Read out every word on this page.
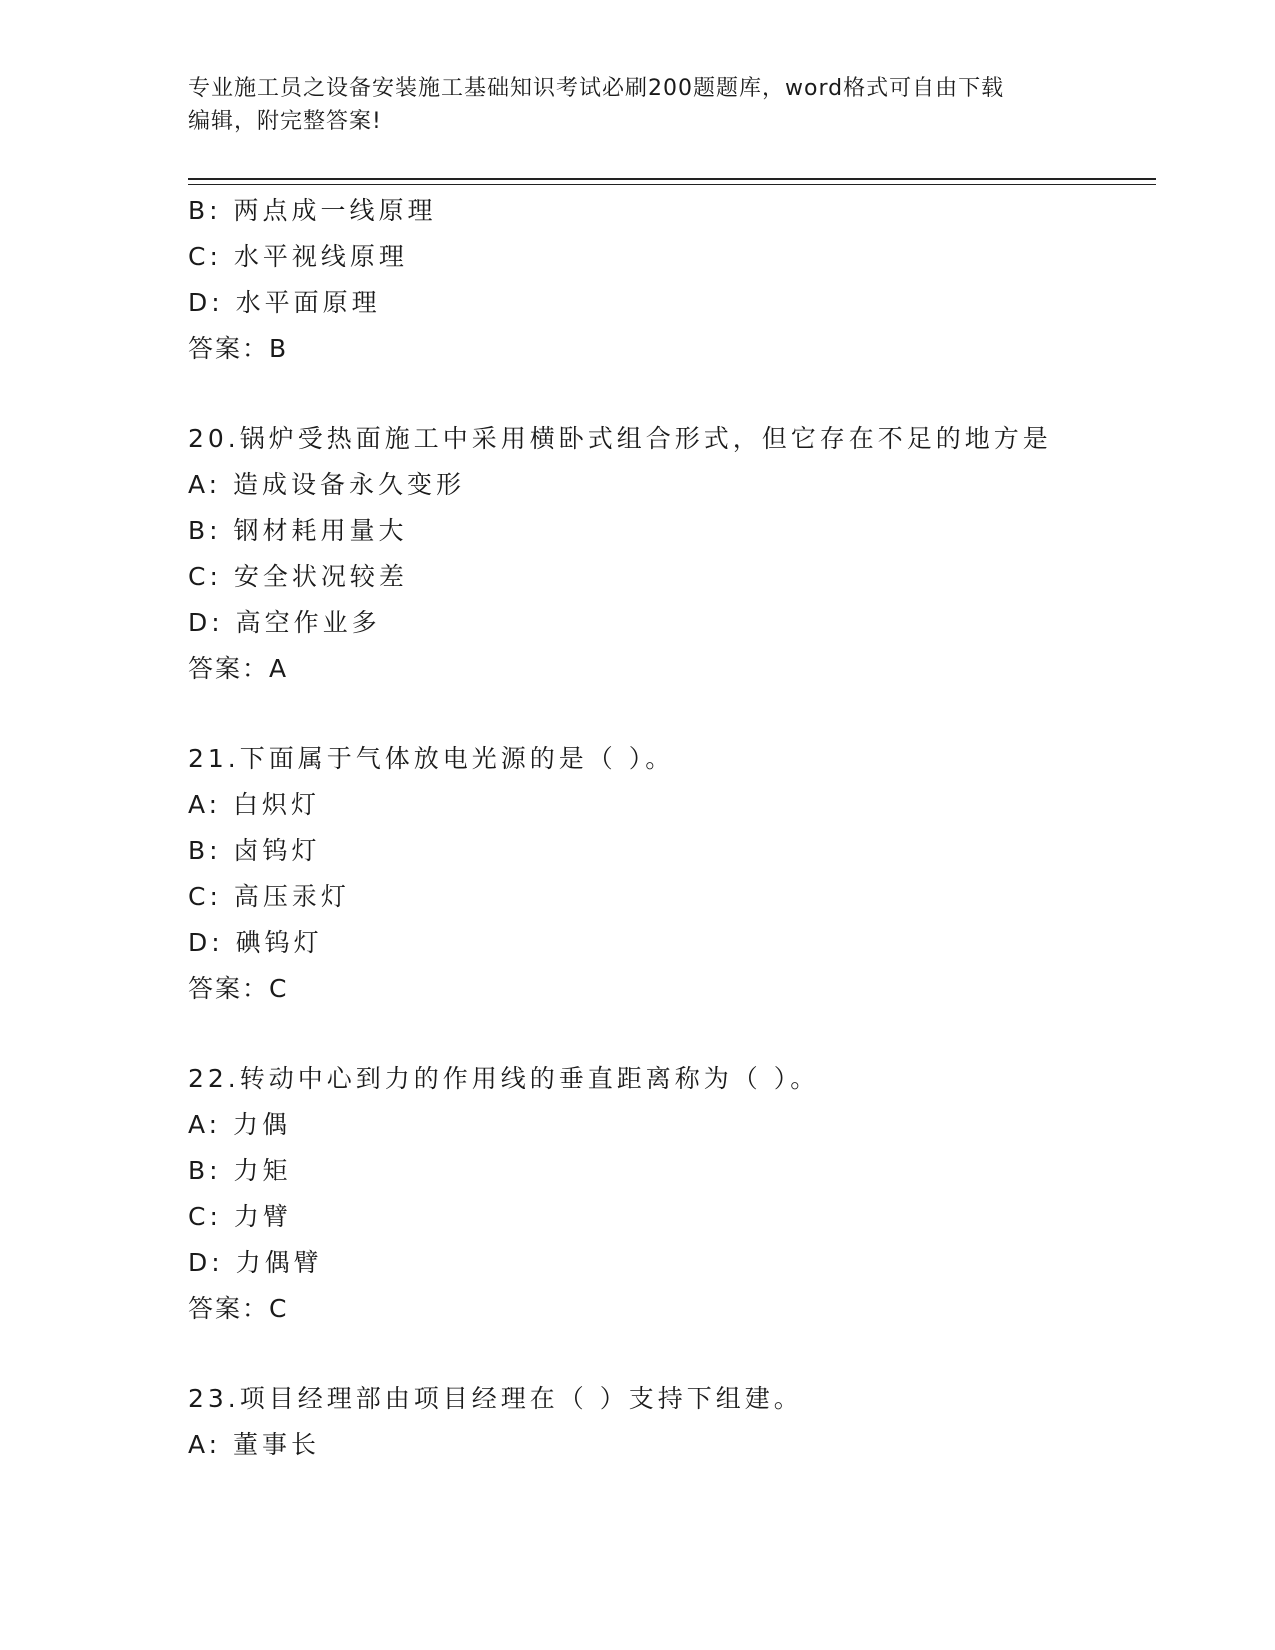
专业施工员之设备安装施工基础知识考试必刷200题题库，word格式可自由下载
编辑，附完整答案!
B: 两点成一线原理
C: 水平视线原理
D: 水平面原理
答案：B
20.锅炉受热面施工中采用横卧式组合形式，但它存在不足的地方是
A: 造成设备永久变形
B: 钢材耗用量大
C: 安全状况较差
D: 高空作业多
答案：A
21.下面属于气体放电光源的是（ ）。
A: 白炽灯
B: 卤钨灯
C: 高压汞灯
D: 碘钨灯
答案：C
22.转动中心到力的作用线的垂直距离称为（ ）。
A: 力偶
B: 力矩
C: 力臂
D: 力偶臂
答案：C
23.项目经理部由项目经理在（ ）支持下组建。
A: 董事长
